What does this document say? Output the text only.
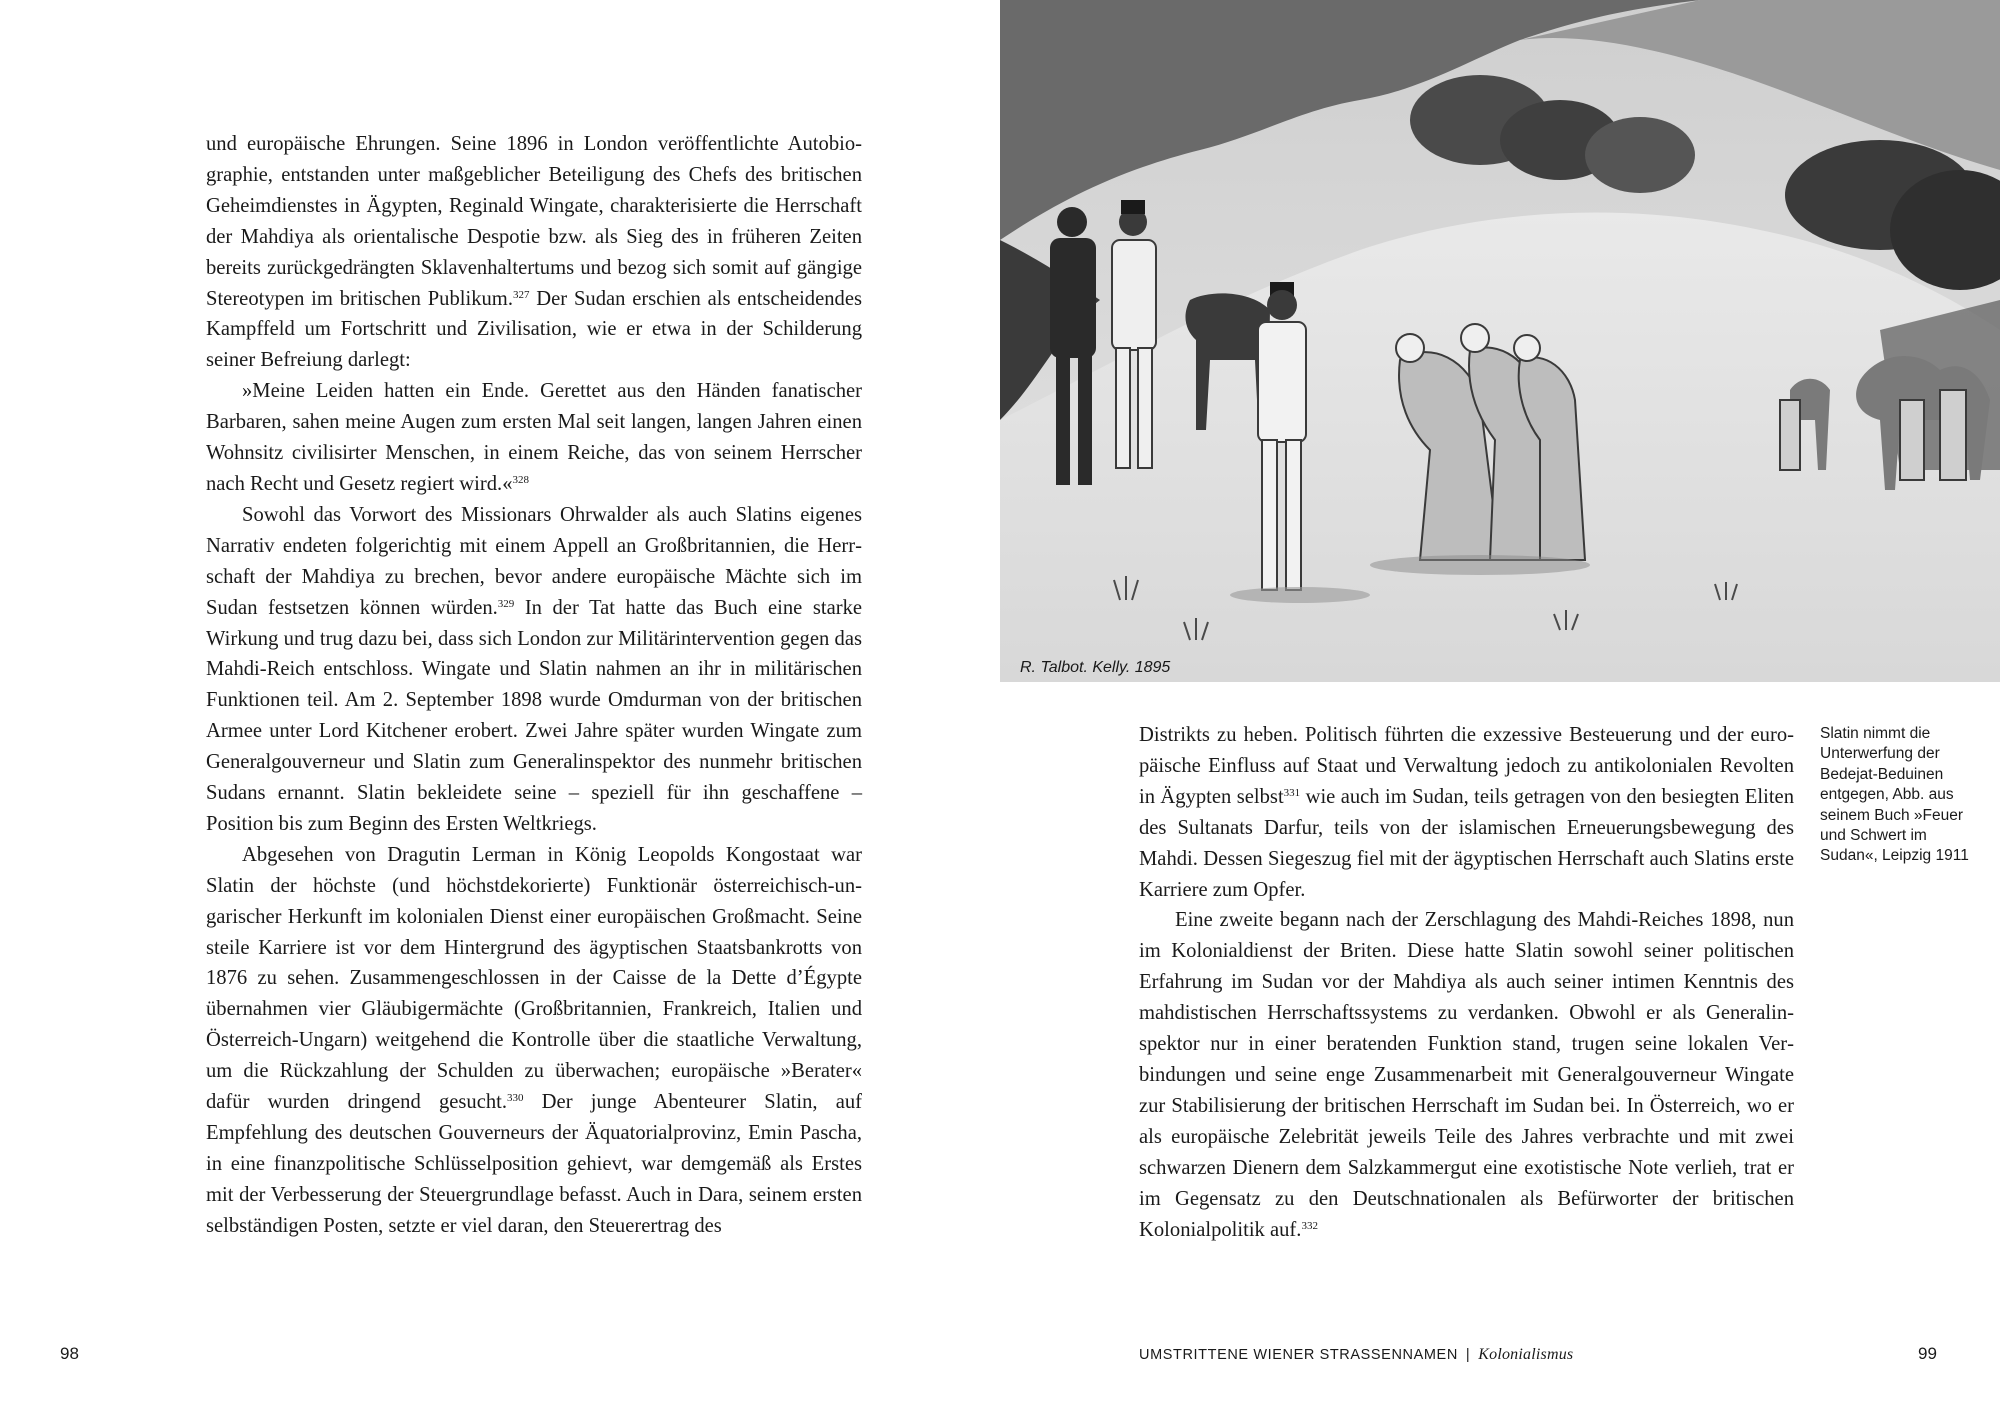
und europäische Ehrungen. Seine 1896 in London veröffentlichte Autobiographie, entstanden unter maßgeblicher Beteiligung des Chefs des britischen Geheimdienstes in Ägypten, Reginald Wingate, charakterisierte die Herrschaft der Mahdiya als orientalische Despotie bzw. als Sieg des in früheren Zeiten bereits zurückgedrängten Sklavenhaltertums und bezog sich somit auf gängige Stereotypen im britischen Publikum.$^{327}$ Der Sudan erschien als entscheidendes Kampffeld um Fortschritt und Zivilisation, wie er etwa in der Schilderung seiner Befreiung darlegt:

»Meine Leiden hatten ein Ende. Gerettet aus den Händen fanatischer Barbaren, sahen meine Augen zum ersten Mal seit langen, langen Jahren einen Wohnsitz civilisirter Menschen, in einem Reiche, das von seinem Herrscher nach Recht und Gesetz regiert wird.«$^{328}$

Sowohl das Vorwort des Missionars Ohrwalder als auch Slatins eigenes Narrativ endeten folgerichtig mit einem Appell an Großbritannien, die Herrschaft der Mahdiya zu brechen, bevor andere europäische Mächte sich im Sudan festsetzen können würden.$^{329}$ In der Tat hatte das Buch eine starke Wirkung und trug dazu bei, dass sich London zur Militärintervention gegen das Mahdi-Reich entschloss. Wingate und Slatin nahmen an ihr in militärischen Funktionen teil. Am 2. September 1898 wurde Omdurman von der britischen Armee unter Lord Kitchener erobert. Zwei Jahre später wurden Wingate zum Generalgouverneur und Slatin zum Generalinspektor des nunmehr britischen Sudans ernannt. Slatin bekleidete seine – speziell für ihn geschaffene – Position bis zum Beginn des Ersten Weltkriegs.

Abgesehen von Dragutin Lerman in König Leopolds Kongostaat war Slatin der höchste (und höchstdekorierte) Funktionär österreichisch-ungarischer Herkunft im kolonialen Dienst einer europäischen Großmacht. Seine steile Karriere ist vor dem Hintergrund des ägyptischen Staatsbankrotts von 1876 zu sehen. Zusammengeschlossen in der Caisse de la Dette d’Égypte übernahmen vier Gläubigermächte (Großbritannien, Frankreich, Italien und Österreich-Ungarn) weitgehend die Kontrolle über die staatliche Verwaltung, um die Rückzahlung der Schulden zu überwachen; europäische »Berater« dafür wurden dringend gesucht.$^{330}$ Der junge Abenteurer Slatin, auf Empfehlung des deutschen Gouverneurs der Äquatorialprovinz, Emin Pascha, in eine finanzpolitische Schlüsselposition gehievt, war demgemäß als Erstes mit der Verbesserung der Steuergrundlage befasst. Auch in Dara, seinem ersten selbständigen Posten, setzte er viel daran, den Steuerertrag des

98
R. Talbot. Kelly. 1895

Distrikts zu heben. Politisch führten die exzessive Besteuerung und der europäische Einfluss auf Staat und Verwaltung jedoch zu antikolonialen Revolten in Ägypten selbst$^{331}$ wie auch im Sudan, teils getragen von den besiegten Eliten des Sultanats Darfur, teils von der islamischen Erneuerungsbewegung des Mahdi. Dessen Siegeszug fiel mit der ägyptischen Herrschaft auch Slatins erste Karriere zum Opfer.

Eine zweite begann nach der Zerschlagung des Mahdi-Reiches 1898, nun im Kolonialdienst der Briten. Diese hatte Slatin sowohl seiner politischen Erfahrung im Sudan vor der Mahdiya als auch seiner intimen Kenntnis des mahdistischen Herrschaftssystems zu verdanken. Obwohl er als Generalinspektor nur in einer beratenden Funktion stand, trugen seine lokalen Verbindungen und seine enge Zusammenarbeit mit Generalgouverneur Wingate zur Stabilisierung der britischen Herrschaft im Sudan bei. In Österreich, wo er als europäische Zelebrität jeweils Teile des Jahres verbrachte und mit zwei schwarzen Dienern dem Salzkammergut eine exotistische Note verlieh, trat er im Gegensatz zu den Deutschnationalen als Befürworter der britischen Kolonialpolitik auf.$^{332}$

Slatin nimmt die Unterwerfung der Bedejat-Beduinen entgegen, Abb. aus seinem Buch »Feuer und Schwert im Sudan«, Leipzig 1911
UMSTRITTENE WIENER STRASSENNAMEN | Kolonialismus	99
